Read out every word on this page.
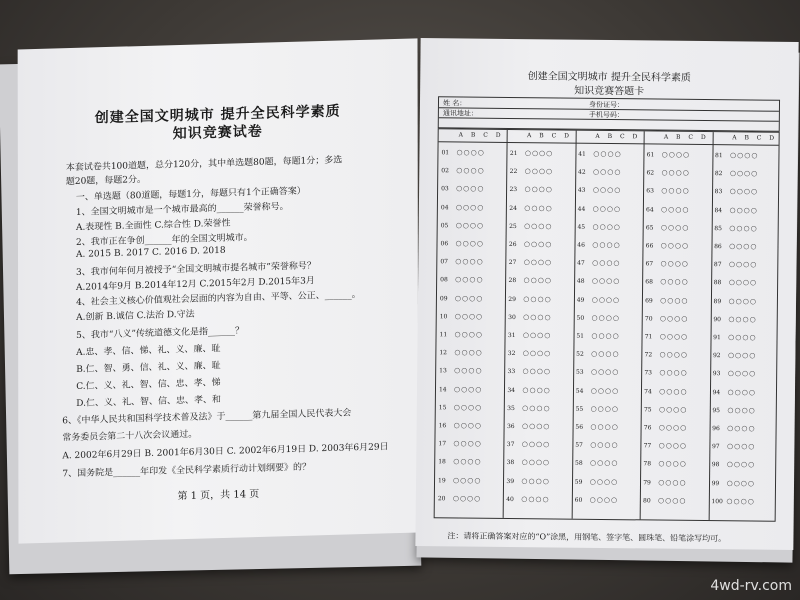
创建全国文明城市 提升全民科学素质
知识竞赛试卷
本套试卷共100道题，总分120分，其中单选题80题，每题1分；多选
题20题，每题2分。
一、单选题（80道题，每题1分，每题只有1个正确答案）
1、全国文明城市是一个城市最高的______荣誉称号。
A.表现性 B.全面性 C.综合性 D.荣誉性
2、我市正在争创______年的全国文明城市。
A. 2015 B. 2017 C. 2016 D. 2018
3、我市何年何月被授予“全国文明城市提名城市”荣誉称号？
A.2014年9月 B.2014年12月 C.2015年2月 D.2015年3月
4、社会主义核心价值观社会层面的内容为自由、平等、公正、______。
A.创新 B.诚信 C.法治 D.守法
5、我市“八义”传统道德文化是指______？
A.忠、孝、信、悌、礼、义、廉、耻
B.仁、智、勇、信、礼、义、廉、耻
C.仁、义、礼、智、信、忠、孝、悌
D.仁、义、礼、智、信、忠、孝、和
6、《中华人民共和国科学技术普及法》于______第九届全国人民代表大会
常务委员会第二十八次会议通过。
A. 2002年6月29日 B. 2001年6月30日 C. 2002年6月19日 D. 2003年6月29日
7、国务院是______年印发《全民科学素质行动计划纲要》的？
第 1 页，共 14 页
创建全国文明城市 提升全民科学素质
知识竞赛答题卡
姓 名：	身份证号：
通讯地址：	手机号码：
A B C D
01 ○○○○
02 ○○○○
03 ○○○○
04 ○○○○
05 ○○○○
06 ○○○○
07 ○○○○
08 ○○○○
09 ○○○○
10 ○○○○
11 ○○○○
12 ○○○○
13 ○○○○
14 ○○○○
15 ○○○○
16 ○○○○
17 ○○○○
18 ○○○○
19 ○○○○
20 ○○○○
A B C D
21 ○○○○
22 ○○○○
23 ○○○○
24 ○○○○
25 ○○○○
26 ○○○○
27 ○○○○
28 ○○○○
29 ○○○○
30 ○○○○
31 ○○○○
32 ○○○○
33 ○○○○
34 ○○○○
35 ○○○○
36 ○○○○
37 ○○○○
38 ○○○○
39 ○○○○
40 ○○○○
A B C D
41 ○○○○
42 ○○○○
43 ○○○○
44 ○○○○
45 ○○○○
46 ○○○○
47 ○○○○
48 ○○○○
49 ○○○○
50 ○○○○
51 ○○○○
52 ○○○○
53 ○○○○
54 ○○○○
55 ○○○○
56 ○○○○
57 ○○○○
58 ○○○○
59 ○○○○
60 ○○○○
A B C D
61 ○○○○
62 ○○○○
63 ○○○○
64 ○○○○
65 ○○○○
66 ○○○○
67 ○○○○
68 ○○○○
69 ○○○○
70 ○○○○
71 ○○○○
72 ○○○○
73 ○○○○
74 ○○○○
75 ○○○○
76 ○○○○
77 ○○○○
78 ○○○○
79 ○○○○
80 ○○○○
A B C D
81 ○○○○
82 ○○○○
83 ○○○○
84 ○○○○
85 ○○○○
86 ○○○○
87 ○○○○
88 ○○○○
89 ○○○○
90 ○○○○
91 ○○○○
92 ○○○○
93 ○○○○
94 ○○○○
95 ○○○○
96 ○○○○
97 ○○○○
98 ○○○○
99 ○○○○
100 ○○○○
注：请将正确答案对应的“O”涂黑，用钢笔、签字笔、圆珠笔、铅笔涂写均可。
4wd-rv.com
